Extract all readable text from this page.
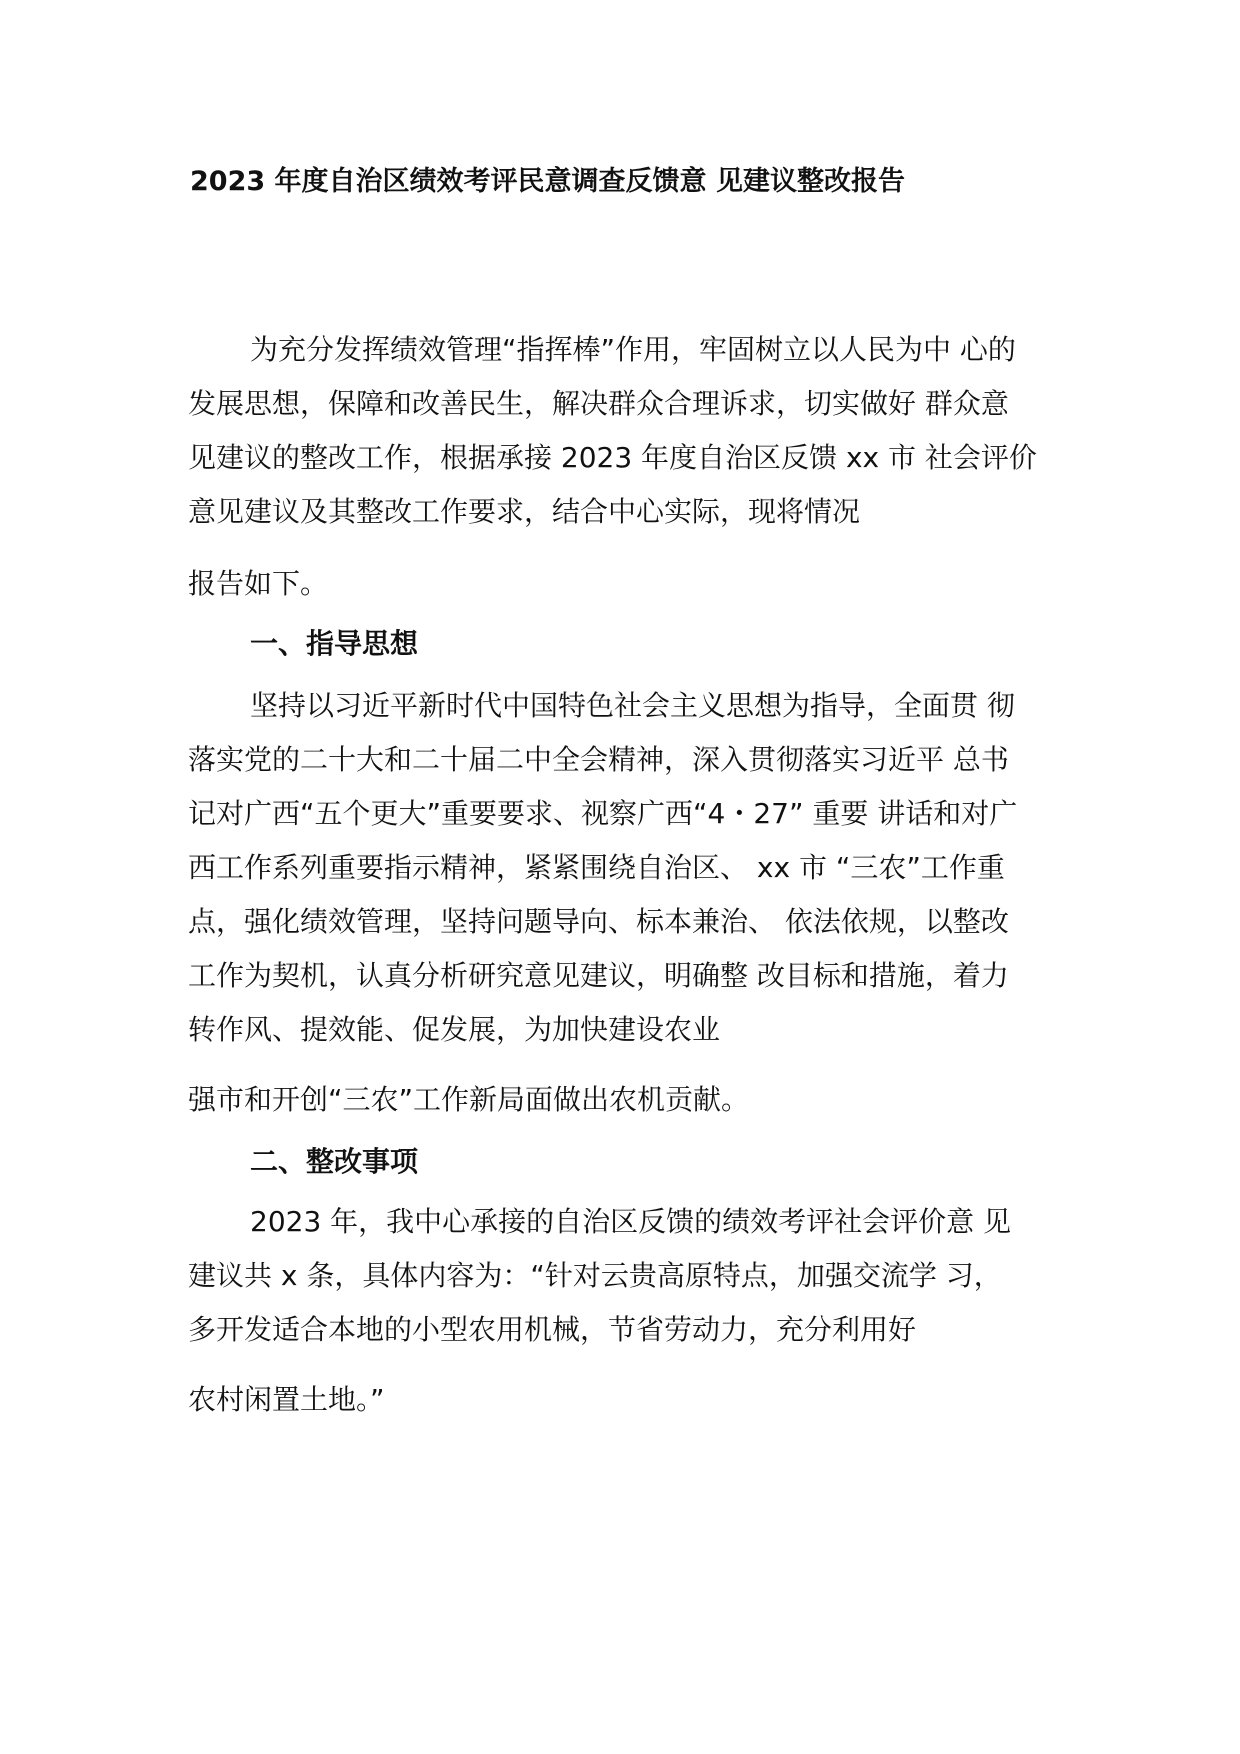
2023 年度自治区绩效考评民意调查反馈意 见建议整改报告
为充分发挥绩效管理“指挥棒”作用，牢固树立以人民为中 心的
发展思想，保障和改善民生，解决群众合理诉求，切实做好 群众意
见建议的整改工作，根据承接 2023 年度自治区反馈 xx 市 社会评价
意见建议及其整改工作要求，结合中心实际，现将情况
报告如下。
一、指导思想
坚持以习近平新时代中国特色社会主义思想为指导，全面贯 彻
落实党的二十大和二十届二中全会精神，深入贯彻落实习近平 总书
记对广西“五个更大”重要要求、视察广西“4・27” 重要 讲话和对广
西工作系列重要指示精神，紧紧围绕自治区、 xx 市 “三农”工作重
点，强化绩效管理，坚持问题导向、标本兼治、 依法依规，以整改
工作为契机，认真分析研究意见建议，明确整 改目标和措施，着力
转作风、提效能、促发展，为加快建设农业
强市和开创“三农”工作新局面做出农机贡献。
二、整改事项
2023 年，我中心承接的自治区反馈的绩效考评社会评价意 见
建议共 x 条，具体内容为：“针对云贵高原特点，加强交流学 习，
多开发适合本地的小型农用机械，节省劳动力，充分利用好
农村闲置土地。”
